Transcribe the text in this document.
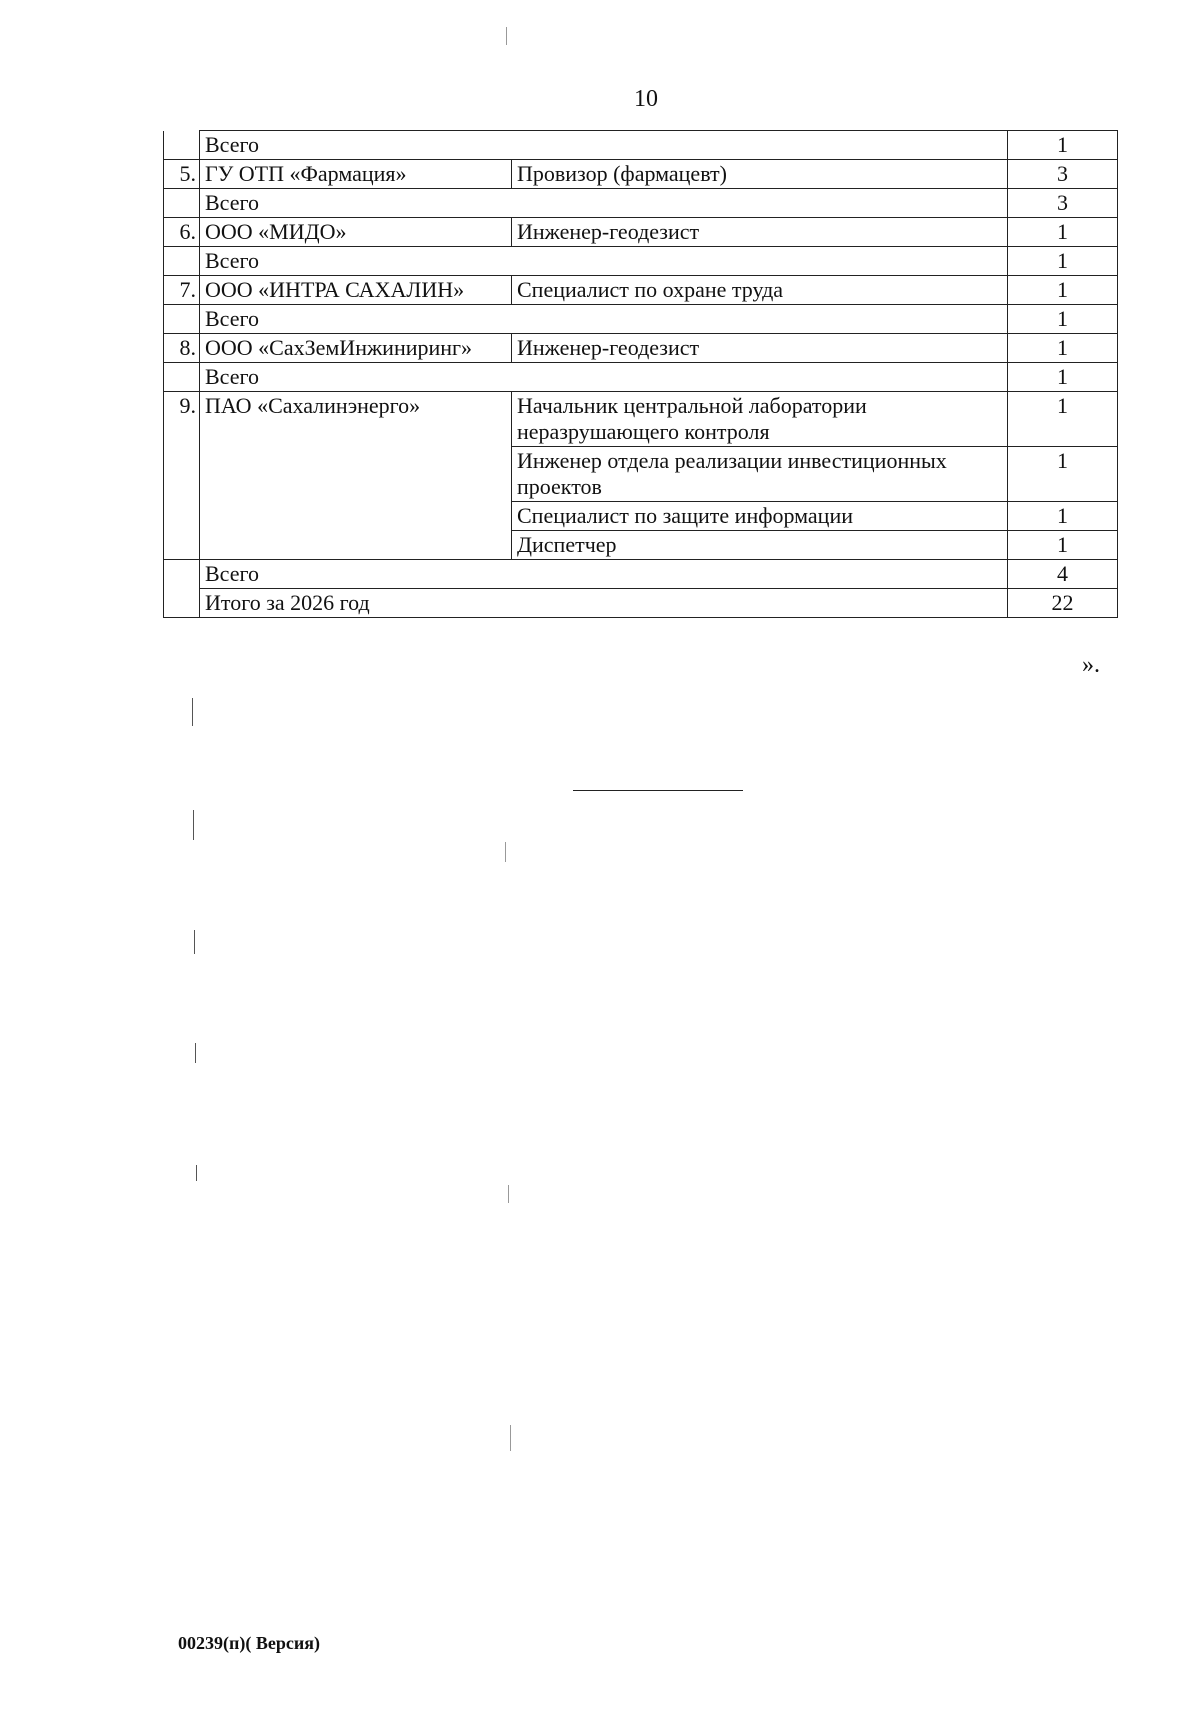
10
	Всего		1
5.	ГУ ОТП «Фармация»	Провизор (фармацевт)	3
	Всего		3
6.	ООО «МИДО»	Инженер-геодезист	1
	Всего		1
7.	ООО «ИНТРА САХАЛИН»	Специалист по охране труда	1
	Всего		1
8.	ООО «СахЗемИнжиниринг»	Инженер-геодезист	1
	Всего		1
9.	ПАО «Сахалинэнерго»	Начальник центральной лаборатории неразрушающего контроля	1
		Инженер отдела реализации инвестиционных проектов	1
		Специалист по защите информации	1
		Диспетчер	1
	Всего		4
	Итого за 2026 год		22
».
00239(п)( Версия)
